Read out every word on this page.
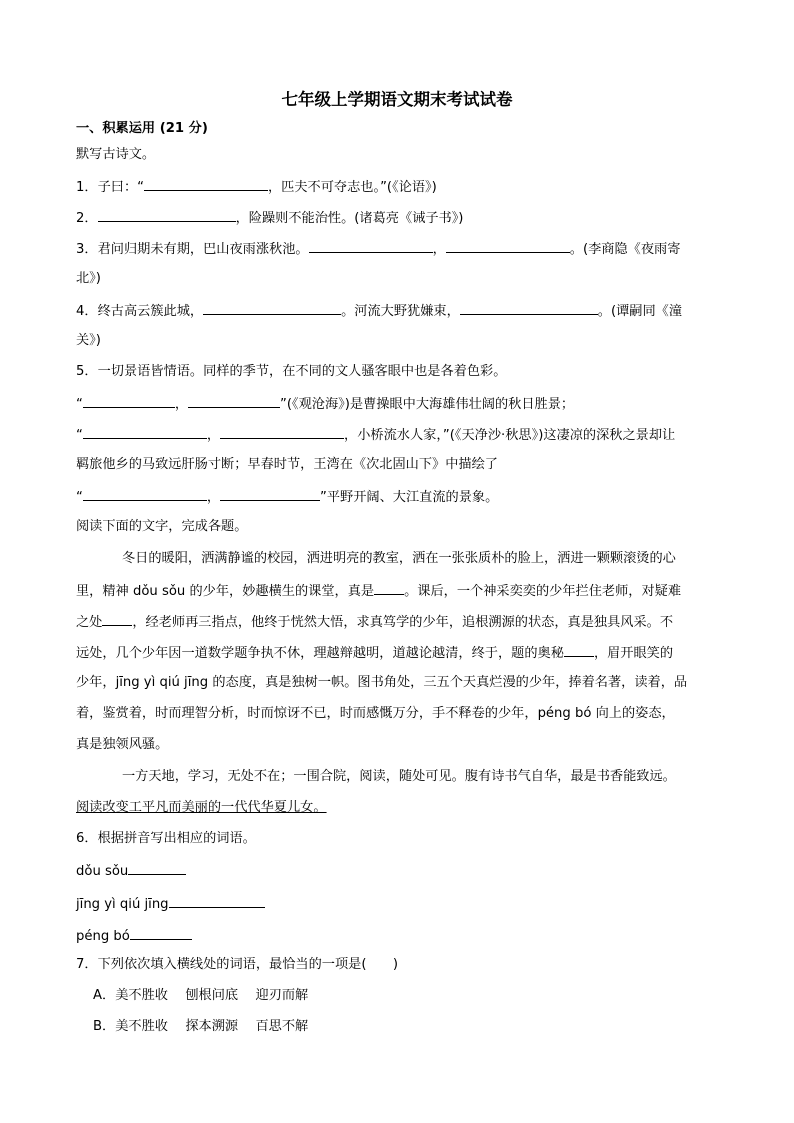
七年级上学期语文期末考试试卷
一、积累运用 (21 分)
默写古诗文。
1．子曰：“	，匹夫不可夺志也。”(《论语》)
2．	，险躁则不能治性。(诸葛亮《诫子书》)
3．君问归期未有期，巴山夜雨涨秋池。	，	。(李商隐《夜雨寄
北》)
4．终古高云簇此城，	。河流大野犹嫌束，	。(谭嗣同《潼
关》)
5．一切景语皆情语。同样的季节，在不同的文人骚客眼中也是各着色彩。
“	，	”(《观沧海》)是曹操眼中大海雄伟壮阔的秋日胜景；
“	，	，小桥流水人家，”(《天净沙·秋思》)这凄凉的深秋之景却让
羁旅他乡的马致远肝肠寸断；早春时节，王湾在《次北固山下》中描绘了
“	，	”平野开阔、大江直流的景象。
阅读下面的文字，完成各题。
冬日的暖阳，洒满静谧的校园，洒进明亮的教室，洒在一张张质朴的脸上，洒进一颗颗滚烫的心
里，精神 dǒu sǒu 的少年，妙趣横生的课堂，真是 。课后，一个神采奕奕的少年拦住老师，对疑难
之处 ，经老师再三指点，他终于恍然大悟，求真笃学的少年，追根溯源的状态，真是独具风采。不
远处，几个少年因一道数学题争执不休，理越辩越明，道越论越清，终于，题的奥秘 ，眉开眼笑的
少年，jīng yì qiú jīng 的态度，真是独树一帜。图书角处，三五个天真烂漫的少年，捧着名著，读着，品
着，鉴赏着，时而理智分析，时而惊讶不已，时而感慨万分，手不释卷的少年，péng bó 向上的姿态，
真是独领风骚。
一方天地，学习，无处不在；一围合院，阅读，随处可见。腹有诗书气自华，最是书香能致远。
阅读改变工平凡而美丽的一代代华夏儿女。
6．根据拼音写出相应的词语。
dǒu sǒu
jīng yì qiú jīng
péng bó
7．下列依次填入横线处的词语，最恰当的一项是(　　)
A．美不胜收　 刨根问底　 迎刃而解
B．美不胜收　 探本溯源　 百思不解
